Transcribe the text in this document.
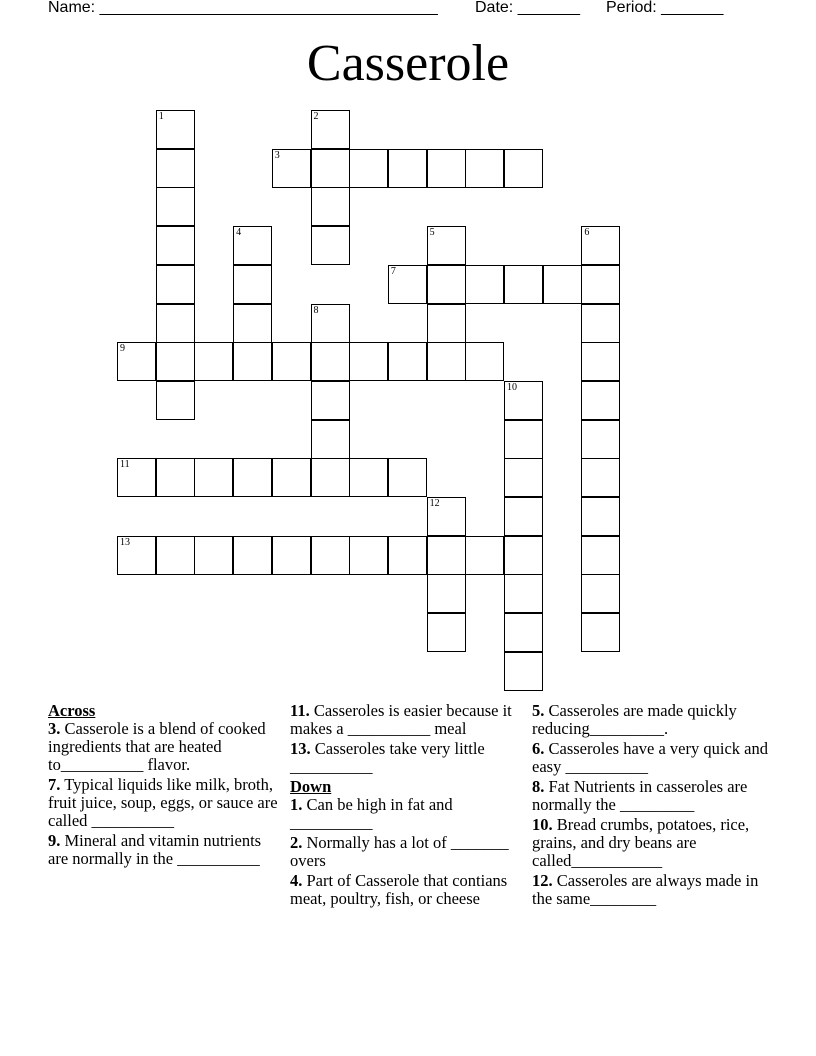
Name: ______________________________________ Date: _______ Period: _______
Casserole
1	2
3
4	5	6
7
8
9
10
11
12
13

Across

3. Casserole is a blend of cooked ingredients that are heated to__________ flavor.

7. Typical liquids like milk, broth, fruit juice, soup, eggs, or sauce are called __________

9. Mineral and vitamin nutrients are normally in the __________

11. Casseroles is easier because it makes a __________ meal

13. Casseroles take very little __________

Down

1. Can be high in fat and __________

2. Normally has a lot of _______ overs

4. Part of Casserole that contians meat, poultry, fish, or cheese

5. Casseroles are made quickly reducing_________.

6. Casseroles have a very quick and easy __________

8. Fat Nutrients in casseroles are normally the _________

10. Bread crumbs, potatoes, rice, grains, and dry beans are called___________

12. Casseroles are always made in the same________
